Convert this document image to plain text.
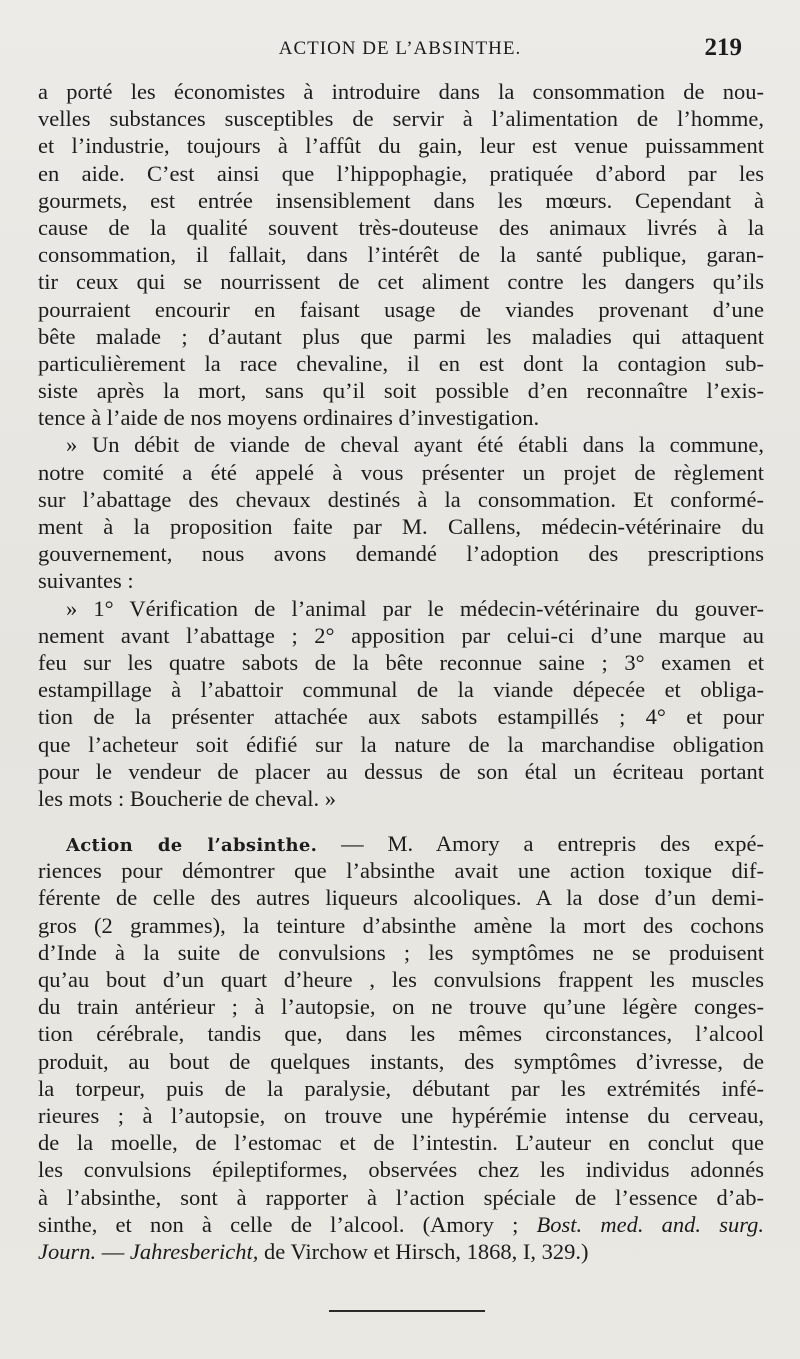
ACTION DE L’ABSINTHE.	219
a porté les économistes à introduire dans la consommation de nou-
velles substances susceptibles de servir à l’alimentation de l’homme,
et l’industrie, toujours à l’affût du gain, leur est venue puissamment
en aide. C’est ainsi que l’hippophagie, pratiquée d’abord par les
gourmets, est entrée insensiblement dans les mœurs. Cependant à
cause de la qualité souvent très-douteuse des animaux livrés à la
consommation, il fallait, dans l’intérêt de la santé publique, garan-
tir ceux qui se nourrissent de cet aliment contre les dangers qu’ils
pourraient encourir en faisant usage de viandes provenant d’une
bête malade ; d’autant plus que parmi les maladies qui attaquent
particulièrement la race chevaline, il en est dont la contagion sub-
siste après la mort, sans qu’il soit possible d’en reconnaître l’exis-
tence à l’aide de nos moyens ordinaires d’investigation.
» Un débit de viande de cheval ayant été établi dans la commune,
notre comité a été appelé à vous présenter un projet de règlement
sur l’abattage des chevaux destinés à la consommation. Et conformé-
ment à la proposition faite par M. Callens, médecin-vétérinaire du
gouvernement, nous avons demandé l’adoption des prescriptions
suivantes :
» 1° Vérification de l’animal par le médecin-vétérinaire du gouver-
nement avant l’abattage ; 2° apposition par celui-ci d’une marque au
feu sur les quatre sabots de la bête reconnue saine ; 3° examen et
estampillage à l’abattoir communal de la viande dépecée et obliga-
tion de la présenter attachée aux sabots estampillés ; 4° et pour
que l’acheteur soit édifié sur la nature de la marchandise obligation
pour le vendeur de placer au dessus de son étal un écriteau portant
les mots : Boucherie de cheval. »
Action de l’absinthe. — M. Amory a entrepris des expé-
riences pour démontrer que l’absinthe avait une action toxique dif-
férente de celle des autres liqueurs alcooliques. A la dose d’un demi-
gros (2 grammes), la teinture d’absinthe amène la mort des cochons
d’Inde à la suite de convulsions ; les symptômes ne se produisent
qu’au bout d’un quart d’heure , les convulsions frappent les muscles
du train antérieur ; à l’autopsie, on ne trouve qu’une légère conges-
tion cérébrale, tandis que, dans les mêmes circonstances, l’alcool
produit, au bout de quelques instants, des symptômes d’ivresse, de
la torpeur, puis de la paralysie, débutant par les extrémités infé-
rieures ; à l’autopsie, on trouve une hypérémie intense du cerveau,
de la moelle, de l’estomac et de l’intestin. L’auteur en conclut que
les convulsions épileptiformes, observées chez les individus adonnés
à l’absinthe, sont à rapporter à l’action spéciale de l’essence d’ab-
sinthe, et non à celle de l’alcool. (Amory ; Bost. med. and. surg.
Journ. — Jahresbericht, de Virchow et Hirsch, 1868, I, 329.)
